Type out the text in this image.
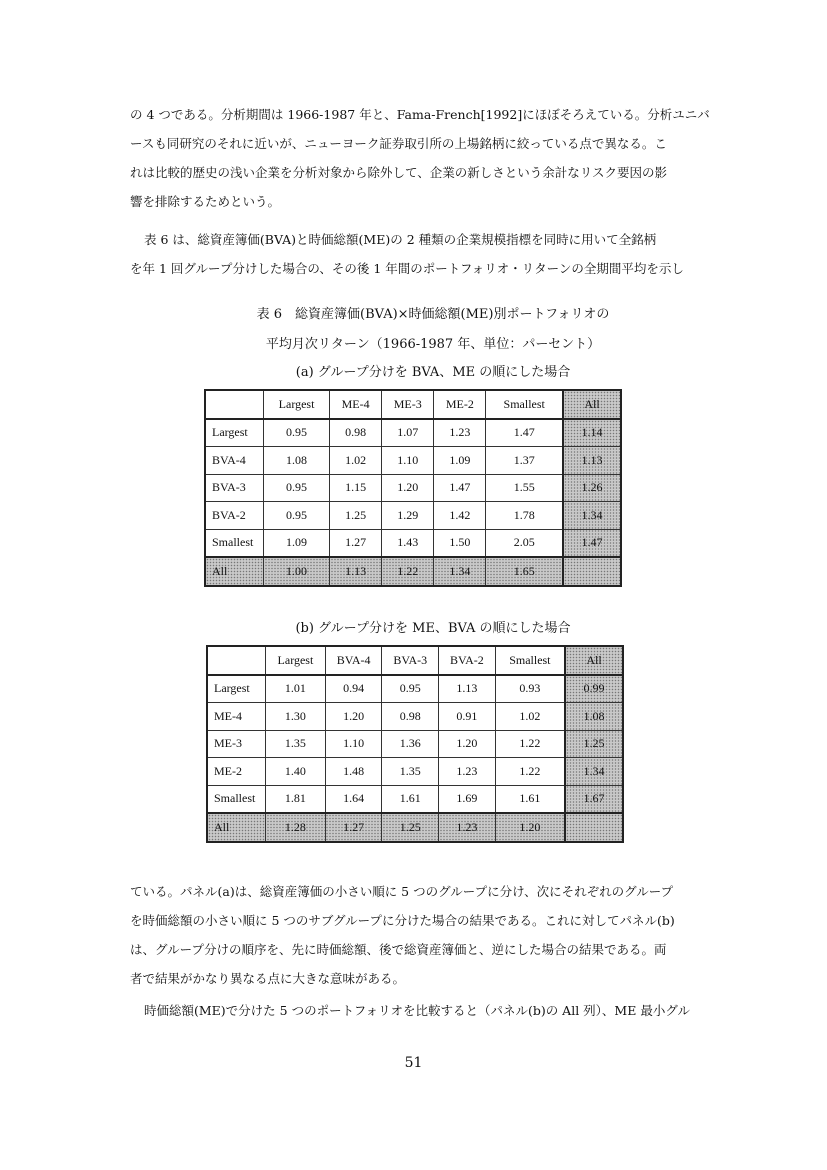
の 4 つである。分析期間は 1966-1987 年と、Fama-French[1992]にほぼそろえている。分析ユニバ
ースも同研究のそれに近いが、ニューヨーク証券取引所の上場銘柄に絞っている点で異なる。こ
れは比較的歴史の浅い企業を分析対象から除外して、企業の新しさという余計なリスク要因の影
響を排除するためという。

表 6 は、総資産簿価(BVA)と時価総額(ME)の 2 種類の企業規模指標を同時に用いて全銘柄
を年 1 回グループ分けした場合の、その後 1 年間のポートフォリオ・リターンの全期間平均を示し

表 6　総資産簿価(BVA)×時価総額(ME)別ポートフォリオの

平均月次リターン（1966-1987 年、単位：パーセント）

(a) グループ分けを BVA、ME の順にした場合

	Largest	ME-4	ME-3	ME-2	Smallest	All
Largest	0.95	0.98	1.07	1.23	1.47	1.14
BVA-4	1.08	1.02	1.10	1.09	1.37	1.13
BVA-3	0.95	1.15	1.20	1.47	1.55	1.26
BVA-2	0.95	1.25	1.29	1.42	1.78	1.34
Smallest	1.09	1.27	1.43	1.50	2.05	1.47
All	1.00	1.13	1.22	1.34	1.65	

(b) グループ分けを ME、BVA の順にした場合

	Largest	BVA-4	BVA-3	BVA-2	Smallest	All
Largest	1.01	0.94	0.95	1.13	0.93	0.99
ME-4	1.30	1.20	0.98	0.91	1.02	1.08
ME-3	1.35	1.10	1.36	1.20	1.22	1.25
ME-2	1.40	1.48	1.35	1.23	1.22	1.34
Smallest	1.81	1.64	1.61	1.69	1.61	1.67
All	1.28	1.27	1.25	1.23	1.20	

ている。パネル(a)は、総資産簿価の小さい順に 5 つのグループに分け、次にそれぞれのグループ
を時価総額の小さい順に 5 つのサブグループに分けた場合の結果である。これに対してパネル(b)
は、グループ分けの順序を、先に時価総額、後で総資産簿価と、逆にした場合の結果である。両
者で結果がかなり異なる点に大きな意味がある。

時価総額(ME)で分けた 5 つのポートフォリオを比較すると（パネル(b)の All 列）、ME 最小グル

51
